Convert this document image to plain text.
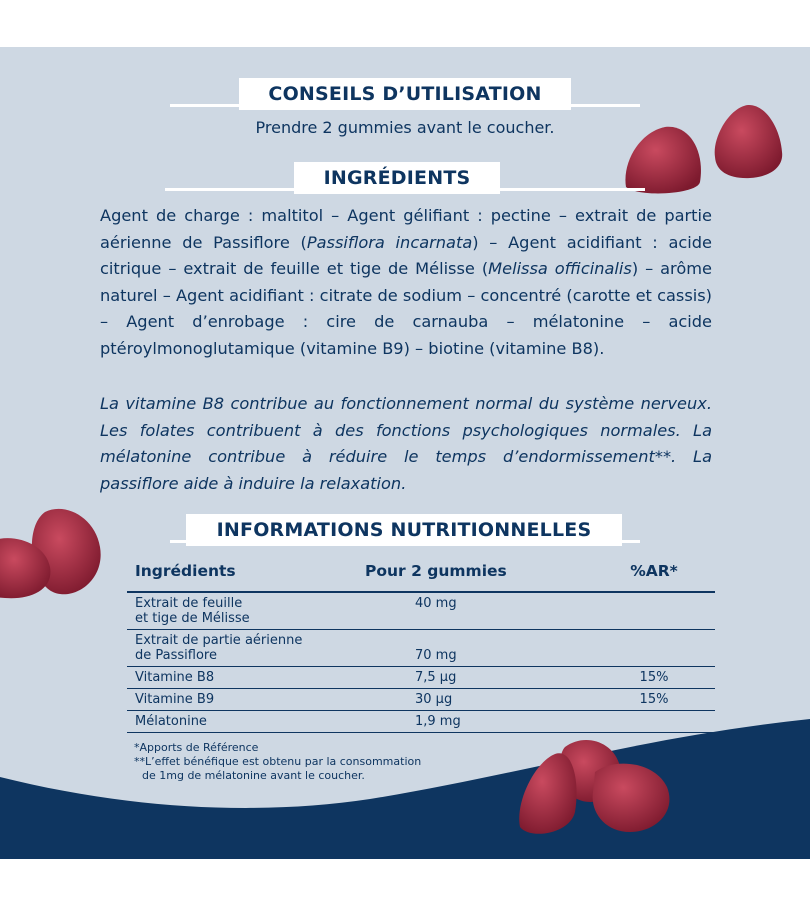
CONSEILS D’UTILISATION
Prendre 2 gummies avant le coucher.
INGRÉDIENTS
Agent de charge : maltitol – Agent gélifiant : pectine – extrait de partie aérienne de Passiflore (Passiflora incarnata) – Agent acidifiant : acide citrique – extrait de feuille et tige de Mélisse (Melissa officinalis) – arôme naturel – Agent acidifiant : citrate de sodium – concentré (carotte et cassis) – Agent d’enrobage : cire de carnauba – mélatonine – acide ptéroylmonoglutamique (vitamine B9) – biotine (vitamine B8).
La vitamine B8 contribue au fonctionnement normal du système nerveux. Les folates contribuent à des fonctions psychologiques normales. La mélatonine contribue à réduire le temps d’endormissement**. La passiflore aide à induire la relaxation.
INFORMATIONS NUTRITIONNELLES
Ingrédients	Pour 2 gummies	%AR*
Extrait de feuille
et tige de Mélisse	40 mg	
Extrait de partie aérienne
de Passiflore	70 mg	
Vitamine B8	7,5 µg	15%
Vitamine B9	30 µg	15%
Mélatonine	1,9 mg	
*Apports de Référence
**L’effet bénéfique est obtenu par la consommation
de 1mg de mélatonine avant le coucher.
